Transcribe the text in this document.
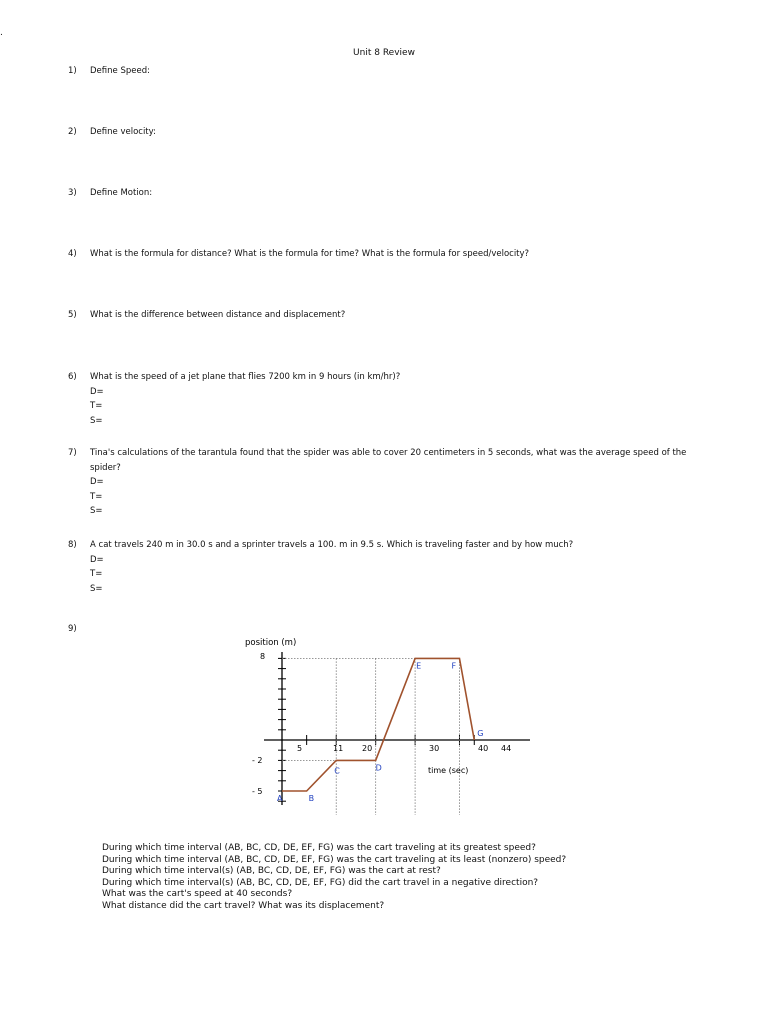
.
Unit 8 Review
1) Define Speed:
2) Define velocity:
3) Define Motion:
4) What is the formula for distance? What is the formula for time? What is the formula for speed/velocity?
5) What is the difference between distance and displacement?
6) What is the speed of a jet plane that flies 7200 km in 9 hours (in km/hr)?
D=
T=
S=
7) Tina's calculations of the tarantula found that the spider was able to cover 20 centimeters in 5 seconds, what was the average speed of the spider?
D=
T=
S=
8) A cat travels 240 m in 30.0 s and a sprinter travels a 100. m in 9.5 s. Which is traveling faster and by how much?
D=
T=
S=
9)
A	B
C	D
E	F
G
position (m)
time (sec)
8
- 2
- 5
5	11 20	30	40 44
During which time interval (AB, BC, CD, DE, EF, FG) was the cart traveling at its greatest speed?
During which time interval (AB, BC, CD, DE, EF, FG) was the cart traveling at its least (nonzero) speed?
During which time interval(s) (AB, BC, CD, DE, EF, FG) was the cart at rest?
During which time interval(s) (AB, BC, CD, DE, EF, FG) did the cart travel in a negative direction?
What was the cart's speed at 40 seconds?
What distance did the cart travel? What was its displacement?
